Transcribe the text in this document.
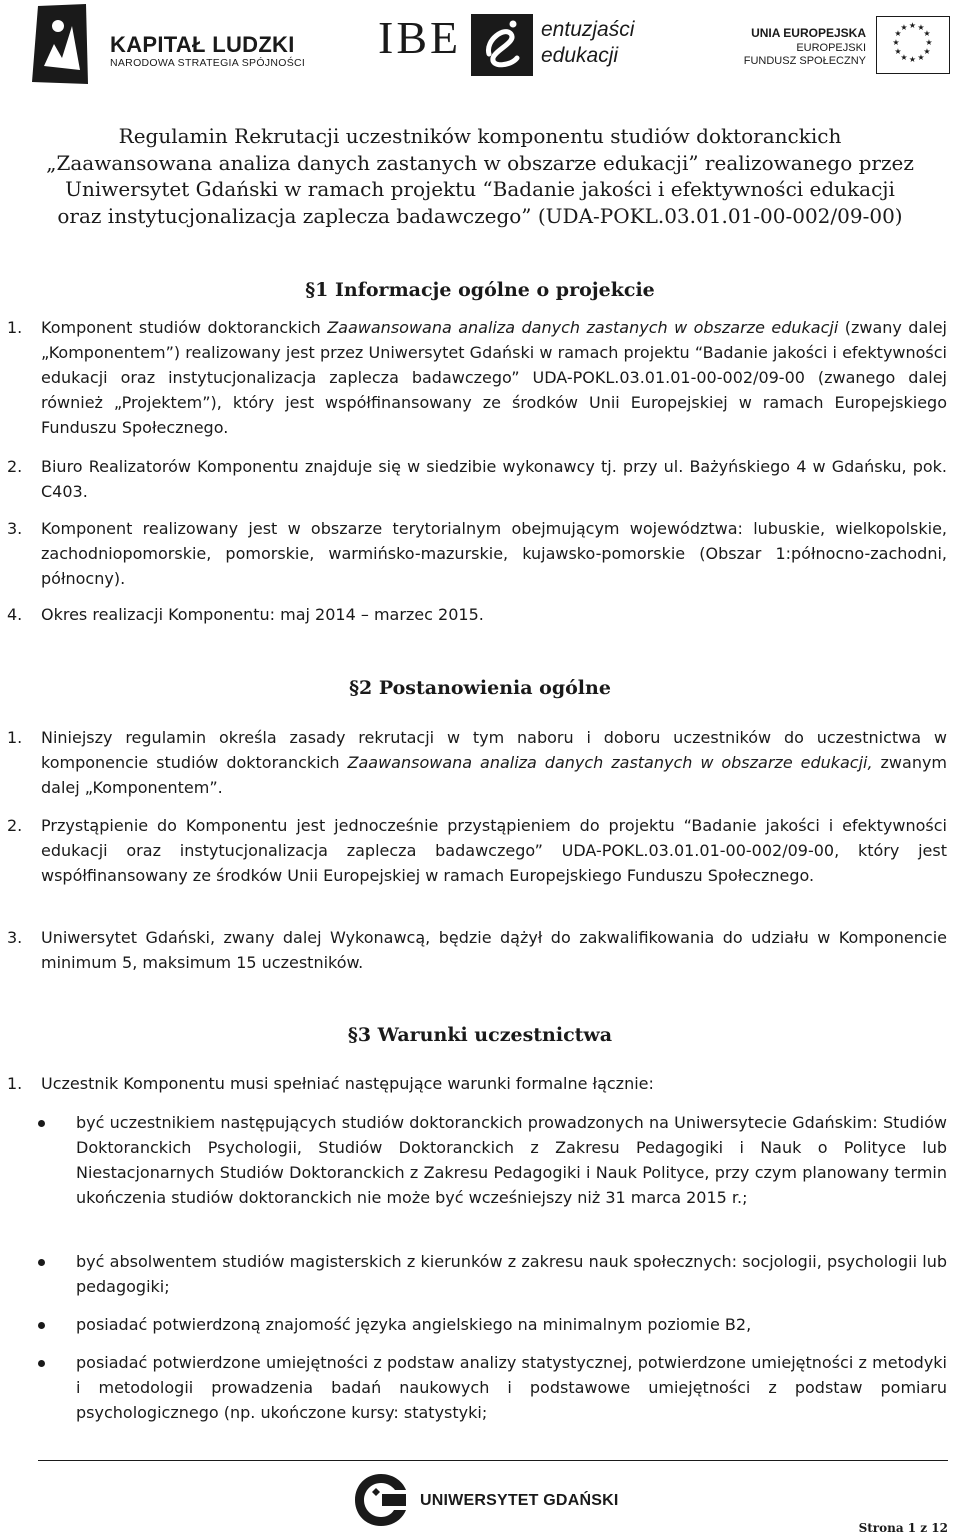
KAPITAŁ LUDZKI
NARODOWA STRATEGIA SPÓJNOŚCI IBE	entuzjaści
edukacji
UNIA EUROPEJSKA
EUROPEJSKI
FUNDUSZ SPOŁECZNY
★ ★
★
★
★
★
★
★
★
★
★
★
Regulamin Rekrutacji uczestników komponentu studiów doktoranckich
„Zaawansowana analiza danych zastanych w obszarze edukacji” realizowanego przez
Uniwersytet Gdański w ramach projektu “Badanie jakości i efektywności edukacji
oraz instytucjonalizacja zaplecza badawczego” (UDA-POKL.03.01.01-00-002/09-00)
§1 Informacje ogólne o projekcie

1. Komponent studiów doktoranckich Zaawansowana analiza danych zastanych w obszarze edukacji (zwany dalej „Komponentem”) realizowany jest przez Uniwersytet Gdański w ramach projektu “Badanie jakości i efektywności edukacji oraz instytucjonalizacja zaplecza badawczego” UDA-POKL.03.01.01-00-002/09-00 (zwanego dalej również „Projektem”), który jest współfinansowany ze środków Unii Europejskiej w ramach Europejskiego Funduszu Społecznego.

2. Biuro Realizatorów Komponentu znajduje się w siedzibie wykonawcy tj. przy ul. Bażyńskiego 4 w Gdańsku, pok. C403.

3. Komponent realizowany jest w obszarze terytorialnym obejmującym województwa: lubuskie, wielkopolskie, zachodniopomorskie, pomorskie, warmińsko-mazurskie, kujawsko-pomorskie (Obszar 1:północno-zachodni, północny).

4. Okres realizacji Komponentu: maj 2014 – marzec 2015.

§2 Postanowienia ogólne

1. Niniejszy regulamin określa zasady rekrutacji w tym naboru i doboru uczestników do uczestnictwa w komponencie studiów doktoranckich Zaawansowana analiza danych zastanych w obszarze edukacji, zwanym dalej „Komponentem”.

2. Przystąpienie do Komponentu jest jednocześnie przystąpieniem do projektu “Badanie jakości i efektywności edukacji oraz instytucjonalizacja zaplecza badawczego” UDA-POKL.03.01.01-00-002/09-00, który jest współfinansowany ze środków Unii Europejskiej w ramach Europejskiego Funduszu Społecznego.

3. Uniwersytet Gdański, zwany dalej Wykonawcą, będzie dążył do zakwalifikowania do udziału w Komponencie minimum 5, maksimum 15 uczestników.

§3 Warunki uczestnictwa

1. Uczestnik Komponentu musi spełniać następujące warunki formalne łącznie:

być uczestnikiem następujących studiów doktoranckich prowadzonych na Uniwersytecie Gdańskim: Studiów Doktoranckich Psychologii, Studiów Doktoranckich z Zakresu Pedagogiki i Nauk o Polityce lub Niestacjonarnych Studiów Doktoranckich z Zakresu Pedagogiki i Nauk Polityce, przy czym planowany termin ukończenia studiów doktoranckich nie może być wcześniejszy niż 31 marca 2015 r.;

być absolwentem studiów magisterskich z kierunków z zakresu nauk społecznych: socjologii, psychologii lub pedagogiki;

posiadać potwierdzoną znajomość języka angielskiego na minimalnym poziomie B2,

posiadać potwierdzone umiejętności z podstaw analizy statystycznej, potwierdzone umiejętności z metodyki i metodologii prowadzenia badań naukowych i podstawowe umiejętności z podstaw pomiaru psychologicznego (np. ukończone kursy: statystyki;

UNIWERSYTET GDAŃSKI
Strona 1 z 12
